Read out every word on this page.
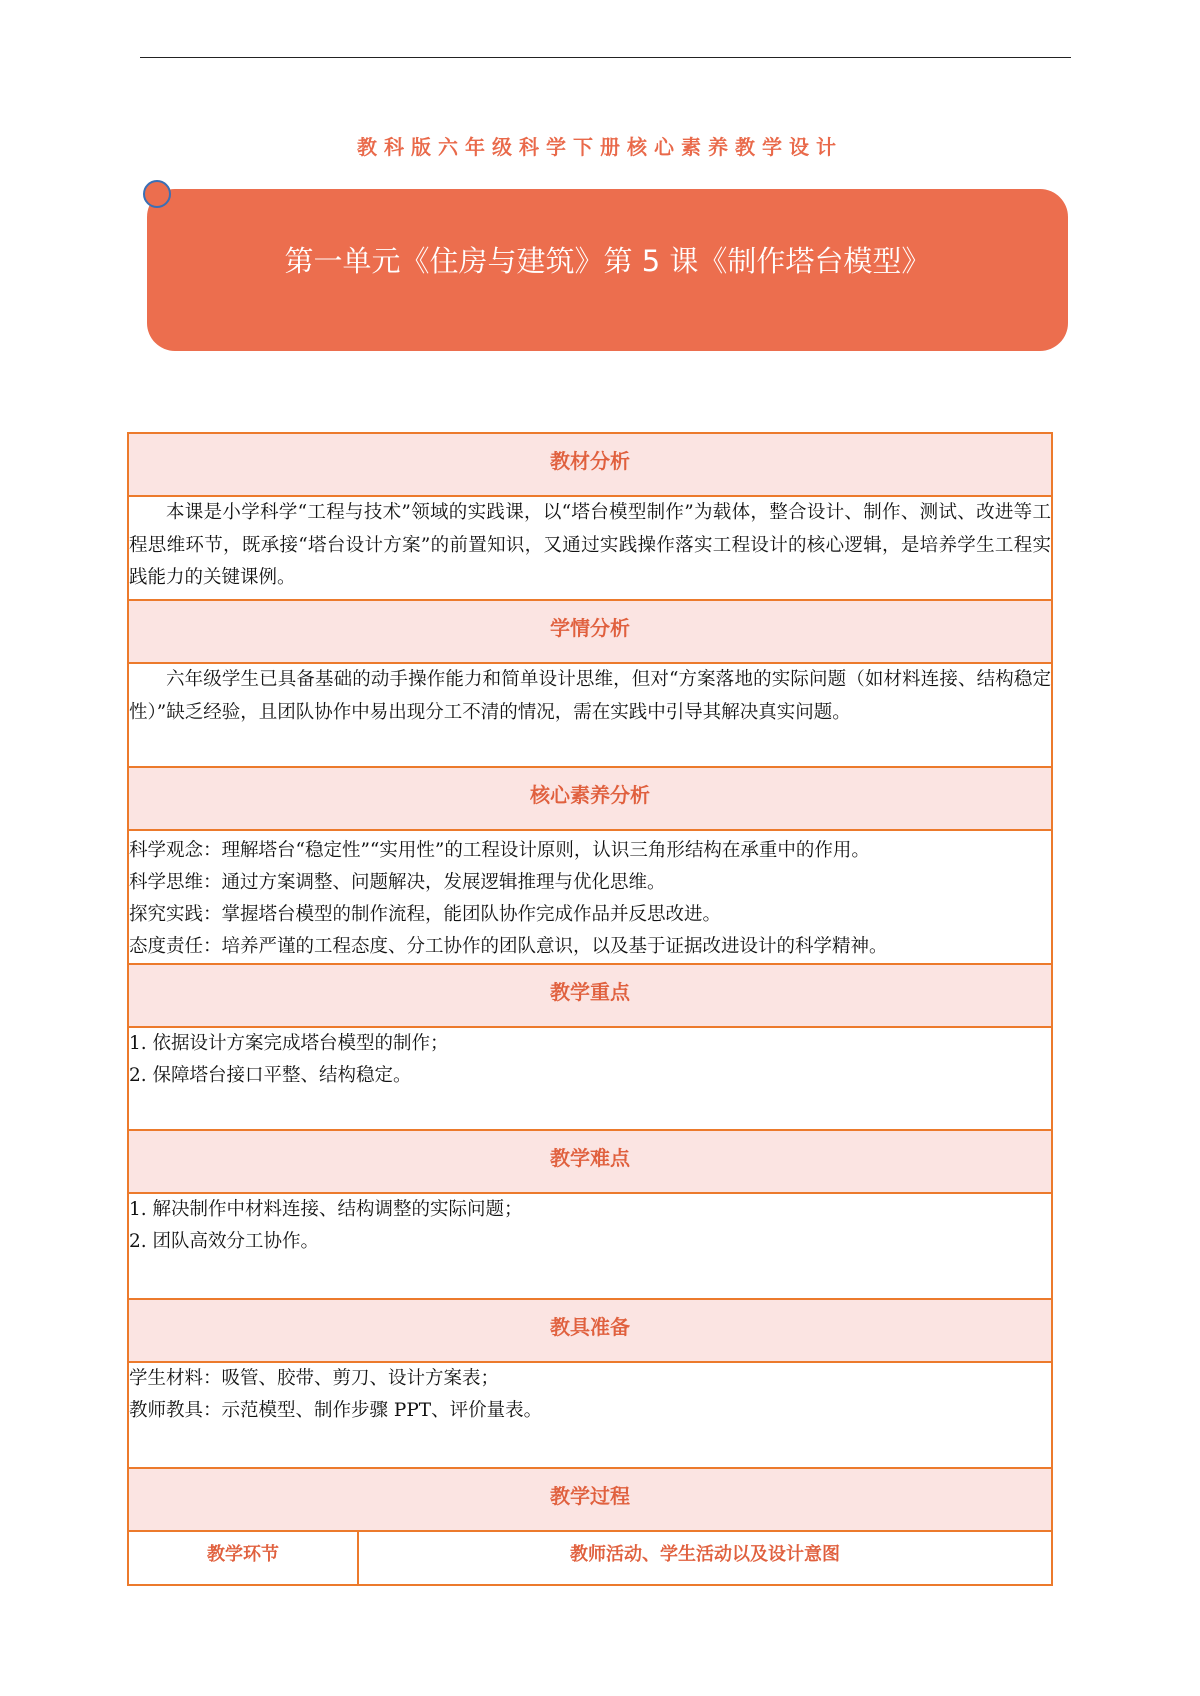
教科版六年级科学下册核心素养教学设计
第一单元《住房与建筑》第 5 课《制作塔台模型》
教材分析

本课是小学科学“工程与技术”领域的实践课，以“塔台模型制作”为载体，整合设计、制作、测试、改进等工程思维环节，既承接“塔台设计方案”的前置知识，又通过实践操作落实工程设计的核心逻辑，是培养学生工程实践能力的关键课例。

学情分析

六年级学生已具备基础的动手操作能力和简单设计思维，但对“方案落地的实际问题（如材料连接、结构稳定性）”缺乏经验，且团队协作中易出现分工不清的情况，需在实践中引导其解决真实问题。

核心素养分析

科学观念：理解塔台“稳定性”“实用性”的工程设计原则，认识三角形结构在承重中的作用。
科学思维：通过方案调整、问题解决，发展逻辑推理与优化思维。
探究实践：掌握塔台模型的制作流程，能团队协作完成作品并反思改进。
态度责任：培养严谨的工程态度、分工协作的团队意识，以及基于证据改进设计的科学精神。

教学重点

1. 依据设计方案完成塔台模型的制作；
2. 保障塔台接口平整、结构稳定。

教学难点

1. 解决制作中材料连接、结构调整的实际问题；
2. 团队高效分工协作。

教具准备

学生材料：吸管、胶带、剪刀、设计方案表；
教师教具：示范模型、制作步骤 PPT、评价量表。

教学过程

教学环节	教师活动、学生活动以及设计意图
